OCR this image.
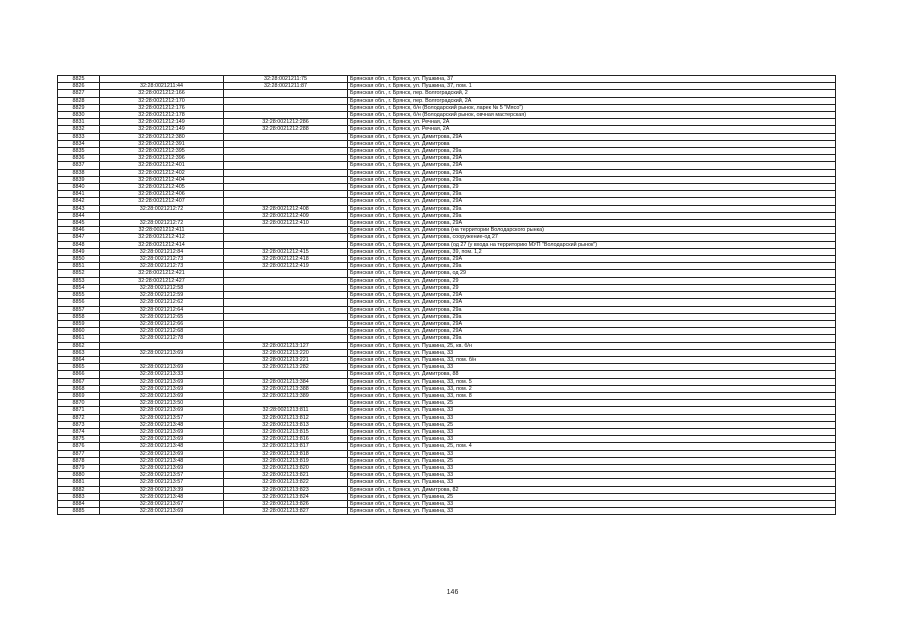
8825		32:28:0021211:75	Брянская обл., г. Брянск, ул. Пушкина, 37
8826	32:28:0021211:44	32:28:0021211:87	Брянская обл., г. Брянск, ул. Пушкина, 37, пом. 1
8827	32:28:0021212:166		Брянская обл., г. Брянск, пер. Волгоградский, 2
8828	32:28:0021212:170		Брянская обл., г. Брянск, пер. Волгоградский, 2А
8829	32:28:0021212:176		Брянская обл., г. Брянск, б/н (Володарский рынок, ларек № 5 "Мясо")
8830	32:28:0021212:178		Брянская обл., г. Брянск, б/н (Володарский рынок, овчная мастерская)
8831	32:28:0021212:149	32:28:0021212:286	Брянская обл., г. Брянск, ул. Речная, 2А
8832	32:28:0021212:149	32:28:0021212:288	Брянская обл., г. Брянск, ул. Речная, 2А
8833	32:28:0021212:380		Брянская обл., г. Брянск, ул. Димитрова, 29А
8834	32:28:0021212:391		Брянская обл., г. Брянск, ул. Димитрова
8835	32:28:0021212:395		Брянская обл., г. Брянск, ул. Димитрова, 29а
8836	32:28:0021212:396		Брянская обл., г. Брянск, ул. Димитрова, 29А
8837	32:28:0021212:401		Брянская обл., г. Брянск, ул. Димитрова, 29А
8838	32:28:0021212:402		Брянская обл., г. Брянск, ул. Димитрова, 29А
8839	32:28:0021212:404		Брянская обл., г. Брянск, ул. Димитрова, 29а
8840	32:28:0021212:405		Брянская обл., г. Брянск, ул. Димитрова, 29
8841	32:28:0021212:406		Брянская обл., г. Брянск, ул. Димитрова, 29а
8842	32:28:0021212:407		Брянская обл., г. Брянск, ул. Димитрова, 29А
8843	32:28:0021212:72	32:28:0021212:408	Брянская обл., г. Брянск, ул. Димитрова, 29а
8844		32:28:0021212:409	Брянская обл., г. Брянск, ул. Димитрова, 29а
8845	32:28:0021212:72	32:28:0021212:410	Брянская обл., г. Брянск, ул. Димитрова, 29А
8846	32:28:0021212:411		Брянская обл., г. Брянск, ул. Димитрова (на территории Володарского рынка)
8847	32:28:0021212:412		Брянская обл., г. Брянск, ул. Димитрова, сооружение-од 27
8848	32:28:0021212:414		Брянская обл., г. Брянск, ул. Димитрова (од 27 (у входа на территорию МУП "Володарский рынок")
8849	32:28:0021212:84	32:28:0021212:415	Брянская обл., г. Брянск, ул. Димитрова, 39, пом. 1,2
8850	32:28:0021212:73	32:28:0021212:418	Брянская обл., г. Брянск, ул. Димитрова, 29А
8851	32:28:0021212:73	32:28:0021212:419	Брянская обл., г. Брянск, ул. Димитрова, 29а
8852	32:28:0021212:421		Брянская обл., г. Брянск, ул. Димитрова, од 29
8853	32:28:0021212:427		Брянская обл., г. Брянск, ул. Димитрова, 29
8854	32:28:0021212:58		Брянская обл., г. Брянск, ул. Димитрова, 29
8855	32:28:0021212:59		Брянская обл., г. Брянск, ул. Димитрова, 29А
8856	32:28:0021212:62		Брянская обл., г. Брянск, ул. Димитрова, 29А
8857	32:28:0021212:64		Брянская обл., г. Брянск, ул. Димитрова, 29а
8858	32:28:0021212:65		Брянская обл., г. Брянск, ул. Димитрова, 29а
8859	32:28:0021212:66		Брянская обл., г. Брянск, ул. Димитрова, 29А
8860	32:28:0021212:68		Брянская обл., г. Брянск, ул. Димитрова, 29А
8861	32:28:0021212:78		Брянская обл., г. Брянск, ул. Димитрова, 29а
8862		32:28:0021213:127	Брянская обл., г. Брянск, ул. Пушкина, 25, кв. б/н
8863	32:28:0021213:69	32:28:0021213:220	Брянская обл., г. Брянск, ул. Пушкина, 33
8864		32:28:0021213:221	Брянская обл., г. Брянск, ул. Пушкина, 33, пом. б/н
8865	32:28:0021213:69	32:28:0021213:282	Брянская обл., г. Брянск, ул. Пушкина, 33
8866	32:28:0021213:33		Брянская обл., г. Брянск, ул. Димитрова, 88
8867	32:28:0021213:69	32:28:0021213:384	Брянская обл., г. Брянск, ул. Пушкина, 33, пом. 5
8868	32:28:0021213:69	32:28:0021213:388	Брянская обл., г. Брянск, ул. Пушкина, 33, пом. 2
8869	32:28:0021213:69	32:28:0021213:389	Брянская обл., г. Брянск, ул. Пушкина, 33, пом. 8
8870	32:28:0021213:50		Брянская обл., г. Брянск, ул. Пушкина, 25
8871	32:28:0021213:69	32:28:0021213:811	Брянская обл., г. Брянск, ул. Пушкина, 33
8872	32:28:0021213:57	32:28:0021213:812	Брянская обл., г. Брянск, ул. Пушкина, 33
8873	32:28:0021213:48	32:28:0021213:813	Брянская обл., г. Брянск, ул. Пушкина, 25
8874	32:28:0021213:69	32:28:0021213:815	Брянская обл., г. Брянск, ул. Пушкина, 33
8875	32:28:0021213:69	32:28:0021213:816	Брянская обл., г. Брянск, ул. Пушкина, 33
8876	32:28:0021213:48	32:28:0021213:817	Брянская обл., г. Брянск, ул. Пушкина, 25, пом. 4
8877	32:28:0021213:69	32:28:0021213:818	Брянская обл., г. Брянск, ул. Пушкина, 33
8878	32:28:0021213:48	32:28:0021213:819	Брянская обл., г. Брянск, ул. Пушкина, 25
8879	32:28:0021213:69	32:28:0021213:820	Брянская обл., г. Брянск, ул. Пушкина, 33
8880	32:28:0021213:57	32:28:0021213:821	Брянская обл., г. Брянск, ул. Пушкина, 33
8881	32:28:0021213:57	32:28:0021213:822	Брянская обл., г. Брянск, ул. Пушкина, 33
8882	32:28:0021213:39	32:28:0021213:823	Брянская обл., г. Брянск, ул. Димитрова, 82
8883	32:28:0021213:48	32:28:0021213:824	Брянская обл., г. Брянск, ул. Пушкина, 25
8884	32:28:0021213:67	32:28:0021213:826	Брянская обл., г. Брянск, ул. Пушкина, 33
8885	32:28:0021213:69	32:28:0021213:827	Брянская обл., г. Брянск, ул. Пушкина, 33
146
